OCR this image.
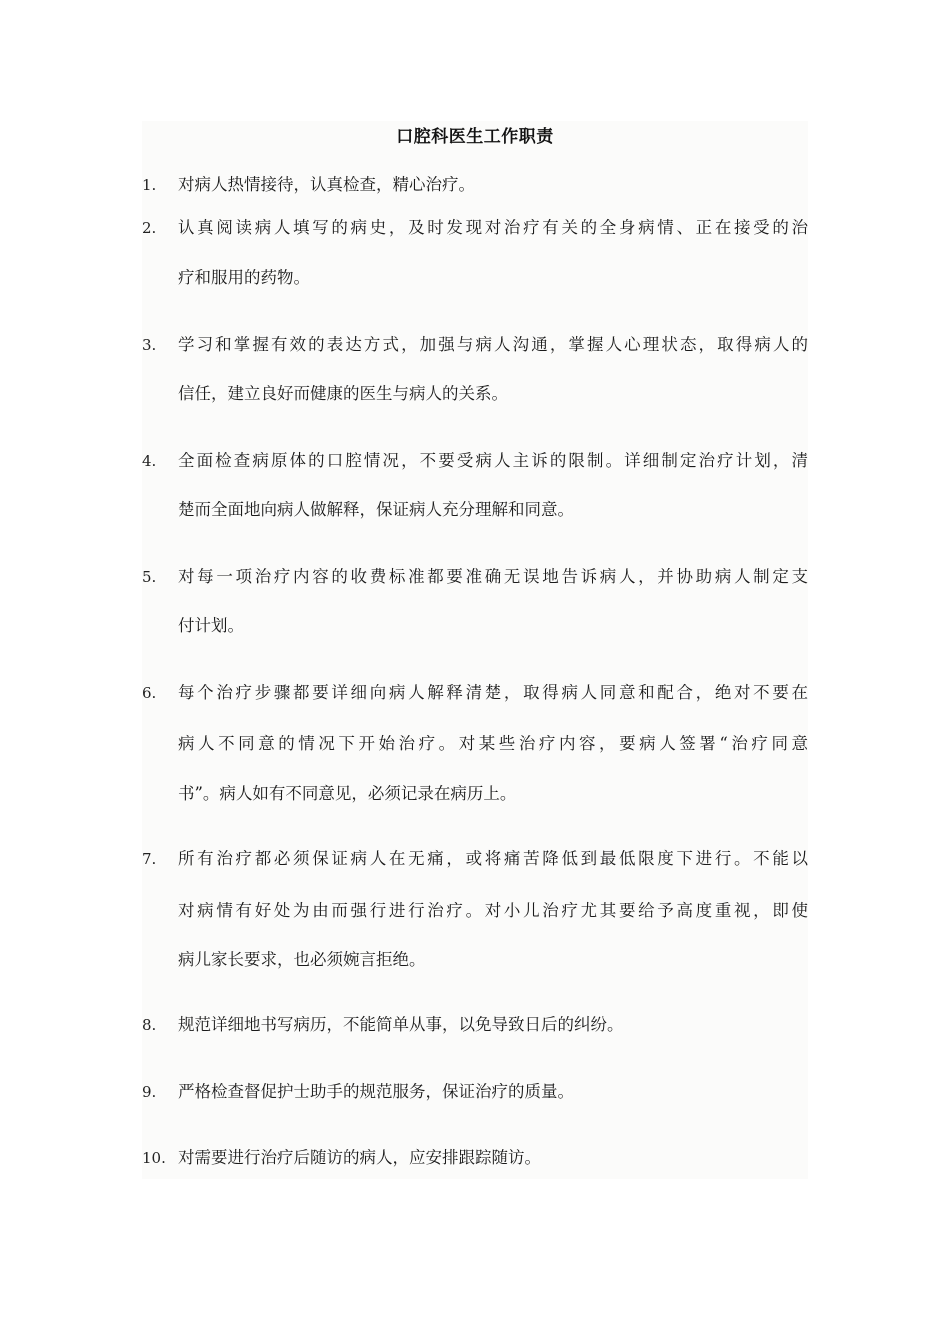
口腔科医生工作职责
1.	对病人热情接待，认真检查，精心治疗。
2.	认真阅读病人填写的病史，及时发现对治疗有关的全身病情、正在接受的治
疗和服用的药物。
3.	学习和掌握有效的表达方式，加强与病人沟通，掌握人心理状态，取得病人的
信任，建立良好而健康的医生与病人的关系。
4.	全面检查病原体的口腔情况，不要受病人主诉的限制。详细制定治疗计划，清
楚而全面地向病人做解释，保证病人充分理解和同意。
5.	对每一项治疗内容的收费标准都要准确无误地告诉病人，并协助病人制定支
付计划。
6.	每个治疗步骤都要详细向病人解释清楚，取得病人同意和配合，绝对不要在
病人不同意的情况下开始治疗。对某些治疗内容，要病人签署“治疗同意
书”。病人如有不同意见，必须记录在病历上。
7.	所有治疗都必须保证病人在无痛，或将痛苦降低到最低限度下进行。不能以
对病情有好处为由而强行进行治疗。对小儿治疗尤其要给予高度重视，即使
病儿家长要求，也必须婉言拒绝。
8.	规范详细地书写病历，不能简单从事，以免导致日后的纠纷。
9.	严格检查督促护士助手的规范服务，保证治疗的质量。
10. 对需要进行治疗后随访的病人，应安排跟踪随访。
